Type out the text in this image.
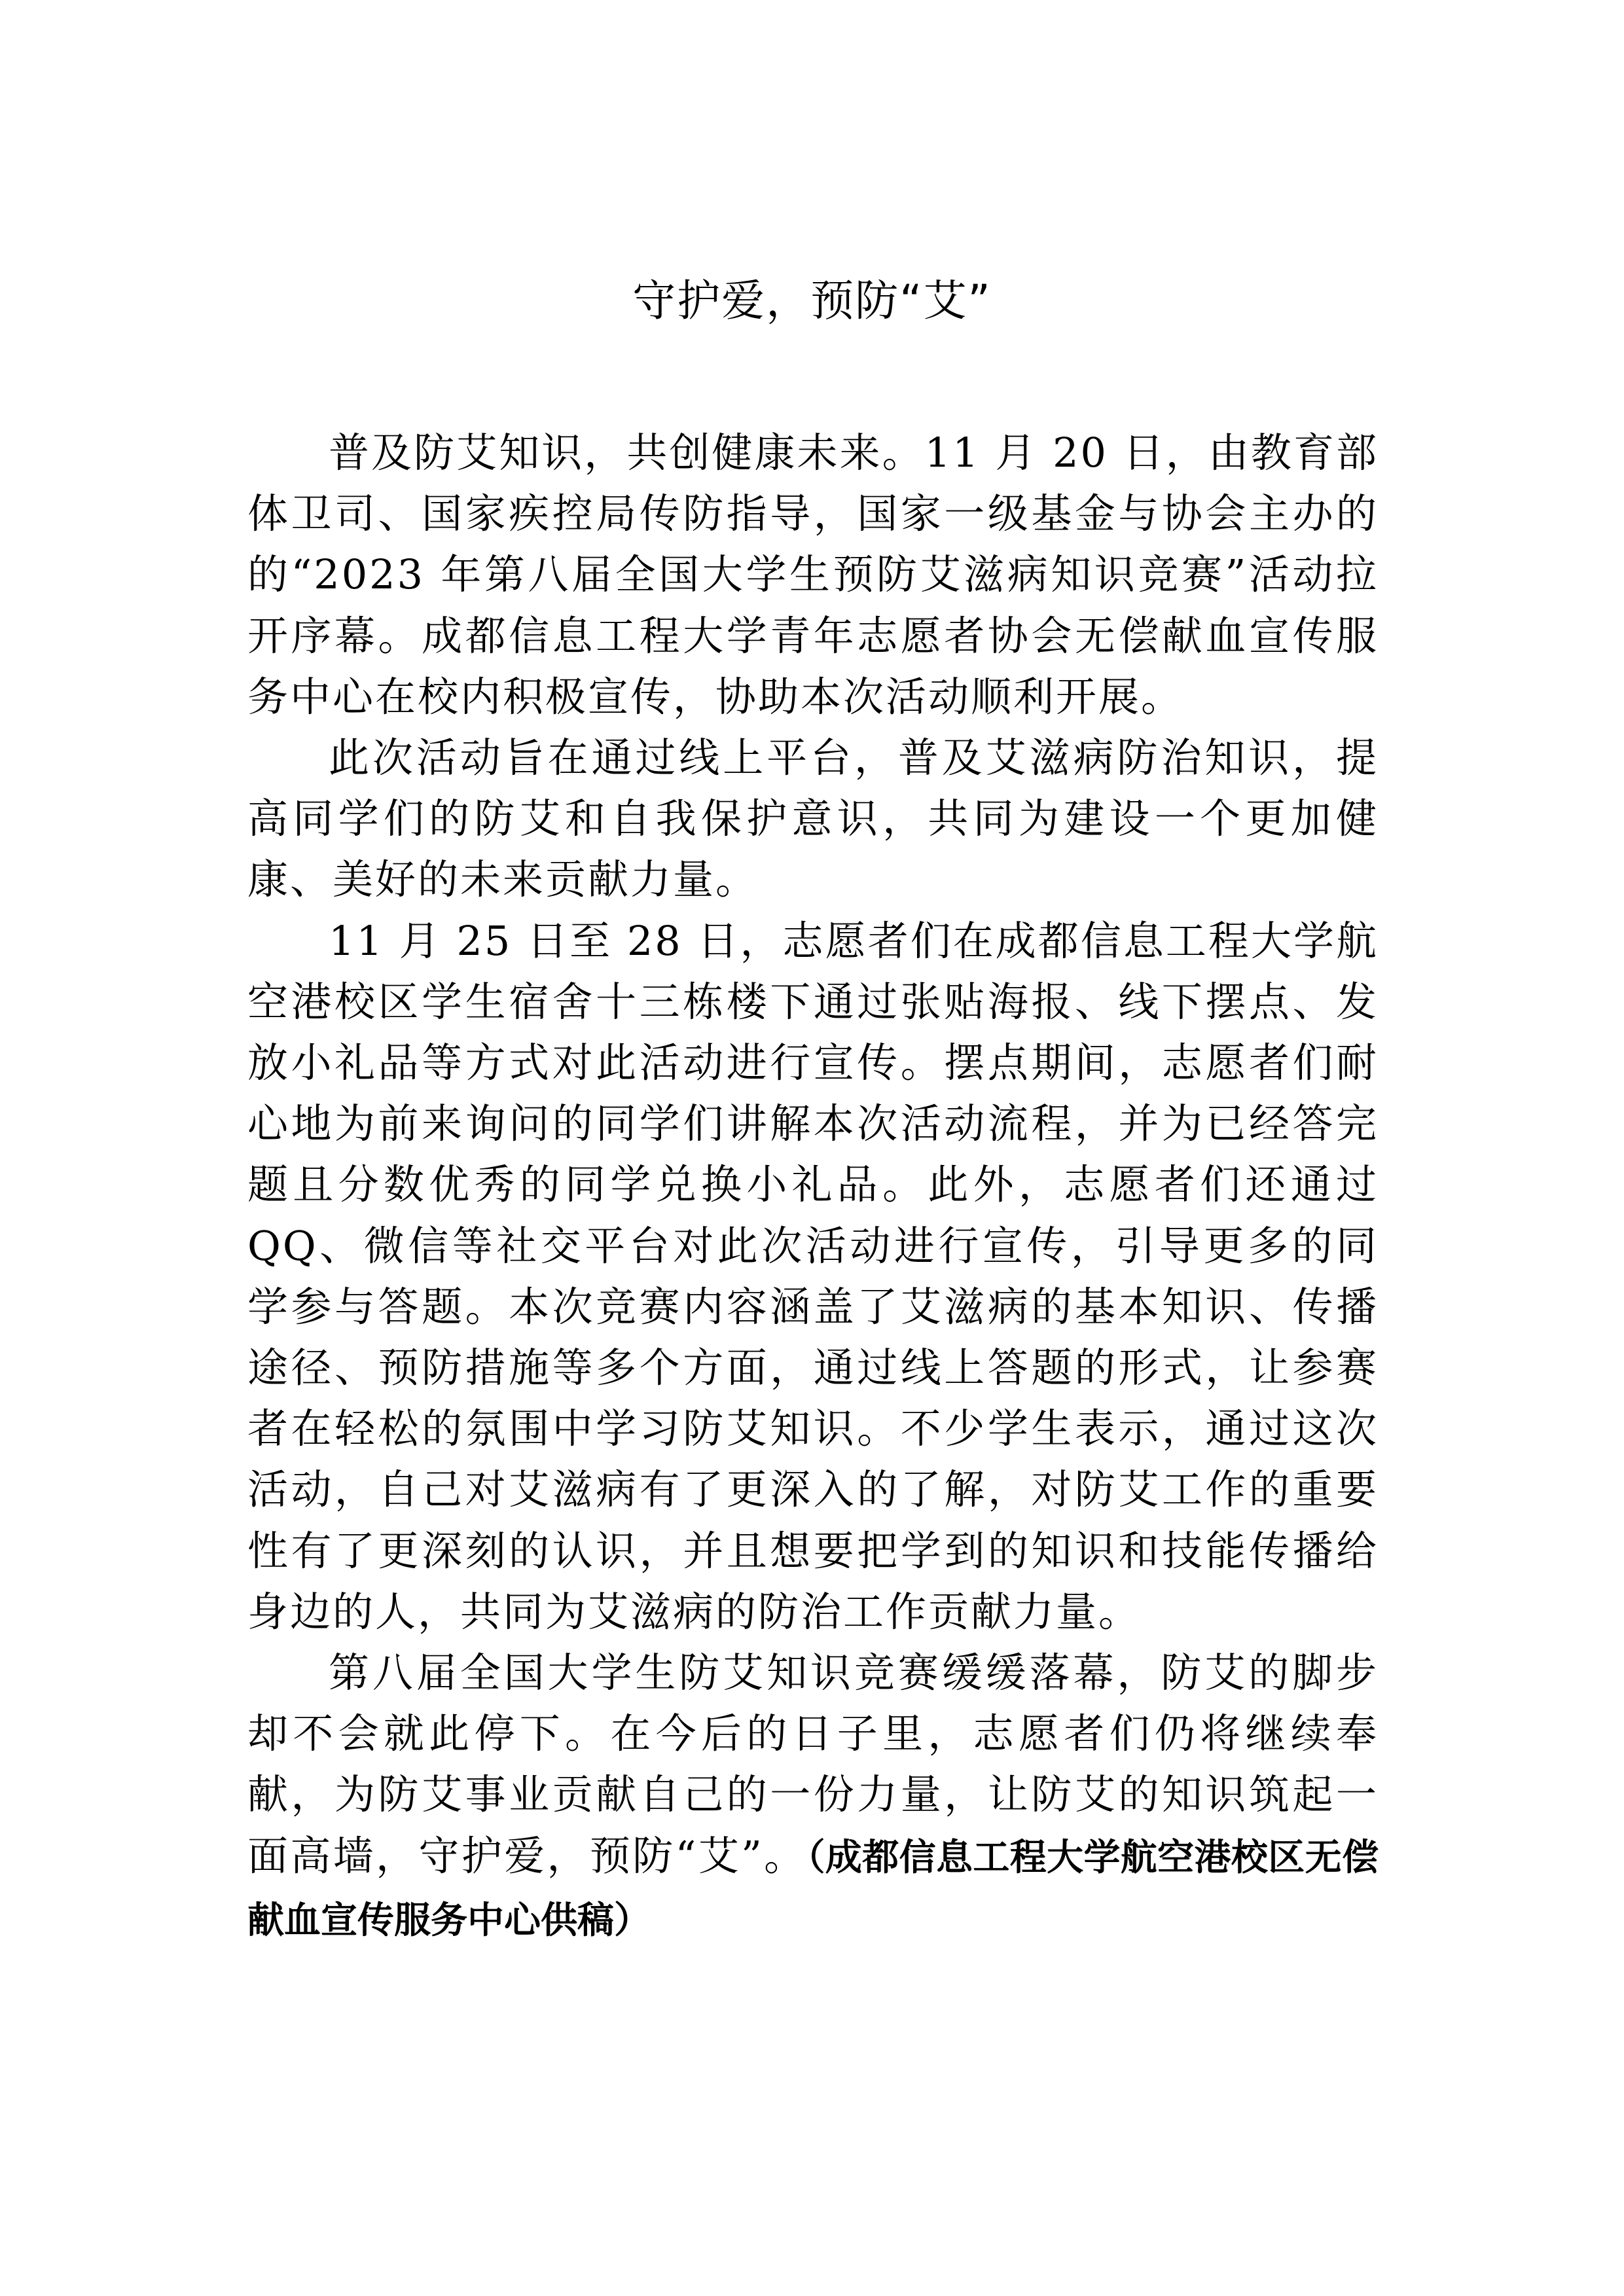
守护爱，预防“艾”

普及防艾知识，共创健康未来。11 月 20 日，由教育部体卫司、国家疾控局传防指导，国家一级基金与协会主办的的“2023 年第八届全国大学生预防艾滋病知识竞赛”活动拉开序幕。成都信息工程大学青年志愿者协会无偿献血宣传服务中心在校内积极宣传，协助本次活动顺利开展。

此次活动旨在通过线上平台，普及艾滋病防治知识，提高同学们的防艾和自我保护意识，共同为建设一个更加健康、美好的未来贡献力量。

11 月 25 日至 28 日，志愿者们在成都信息工程大学航空港校区学生宿舍十三栋楼下通过张贴海报、线下摆点、发放小礼品等方式对此活动进行宣传。摆点期间，志愿者们耐心地为前来询问的同学们讲解本次活动流程，并为已经答完题且分数优秀的同学兑换小礼品。此外，志愿者们还通过 QQ、微信等社交平台对此次活动进行宣传，引导更多的同学参与答题。本次竞赛内容涵盖了艾滋病的基本知识、传播途径、预防措施等多个方面，通过线上答题的形式，让参赛者在轻松的氛围中学习防艾知识。不少学生表示，通过这次活动，自己对艾滋病有了更深入的了解，对防艾工作的重要性有了更深刻的认识，并且想要把学到的知识和技能传播给身边的人，共同为艾滋病的防治工作贡献力量。

第八届全国大学生防艾知识竞赛缓缓落幕，防艾的脚步却不会就此停下。在今后的日子里，志愿者们仍将继续奉献，为防艾事业贡献自己的一份力量，让防艾的知识筑起一面高墙，守护爱，预防“艾”。（成都信息工程大学航空港校区无偿献血宣传服务中心供稿）
